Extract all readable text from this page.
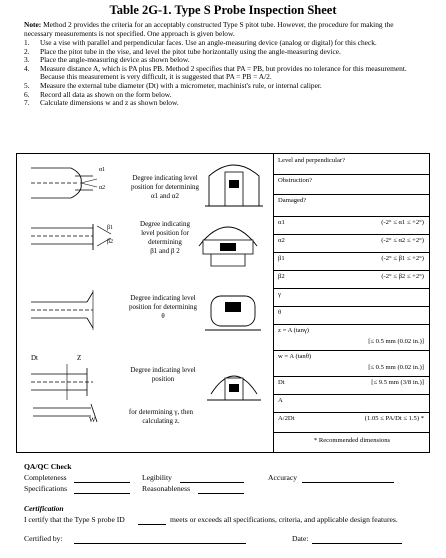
Table 2G-1. Type S Probe Inspection Sheet
Note: Method 2 provides the criteria for an acceptably constructed Type S pitot tube. However, the procedure for making the necessary measurements is not specified. One approach is given below.
1. Use a vise with parallel and perpendicular faces. Use an angle-measuring device (analog or digital) for this check.
2. Place the pitot tube in the vise, and level the pitot tube horizontally using the angle-measuring device.
3. Place the angle-measuring device as shown below.
4. Measure distance A, which is PA plus PB. Method 2 specifies that PA = PB, but provides no tolerance for this measurement. Because this measurement is very difficult, it is suggested that PA = PB = A/2.
5. Measure the external tube diameter (Dt) with a micrometer, machinist's rule, or internal caliper.
6. Record all data as shown on the form below.
7. Calculate dimensions w and z as shown below.
α1
α2
Degree indicating level position for determining
α1 and α2
β1
β2
Degree indicating level position for determining
β1 and β 2
Degree indicating level position for determining θ
Dt	Z
W
Degree indicating level position
for determining γ, then calculating z.
Level and perpendicular?
Obstruction?
Damaged?
α1	(-2° ≤ α1 ≤ +2°)
α2	(-2° ≤ α2 ≤ +2°)
β1	(-2° ≤ β1 ≤ +2°)
β2	(-2° ≤ β2 ≤ +2°)
γ
θ
z = A (tanγ)
[≤ 0.5 mm (0.02 in.)]
w = A (tanθ)
[≤ 0.5 mm (0.02 in.)]
Dt	[≤ 9.5 mm (3/8 in.)]
A
A/2Dt	(1.05 ≤ PA/Dt ≤ 1.5) *
* Recommended dimensions
QA/QC Check
Completeness	Legibility	Accuracy
Specifications	Reasonableness
Certification
I certify that the Type S probe ID	meets or exceeds all specifications, criteria, and applicable design features.
Certified by:	Date:
